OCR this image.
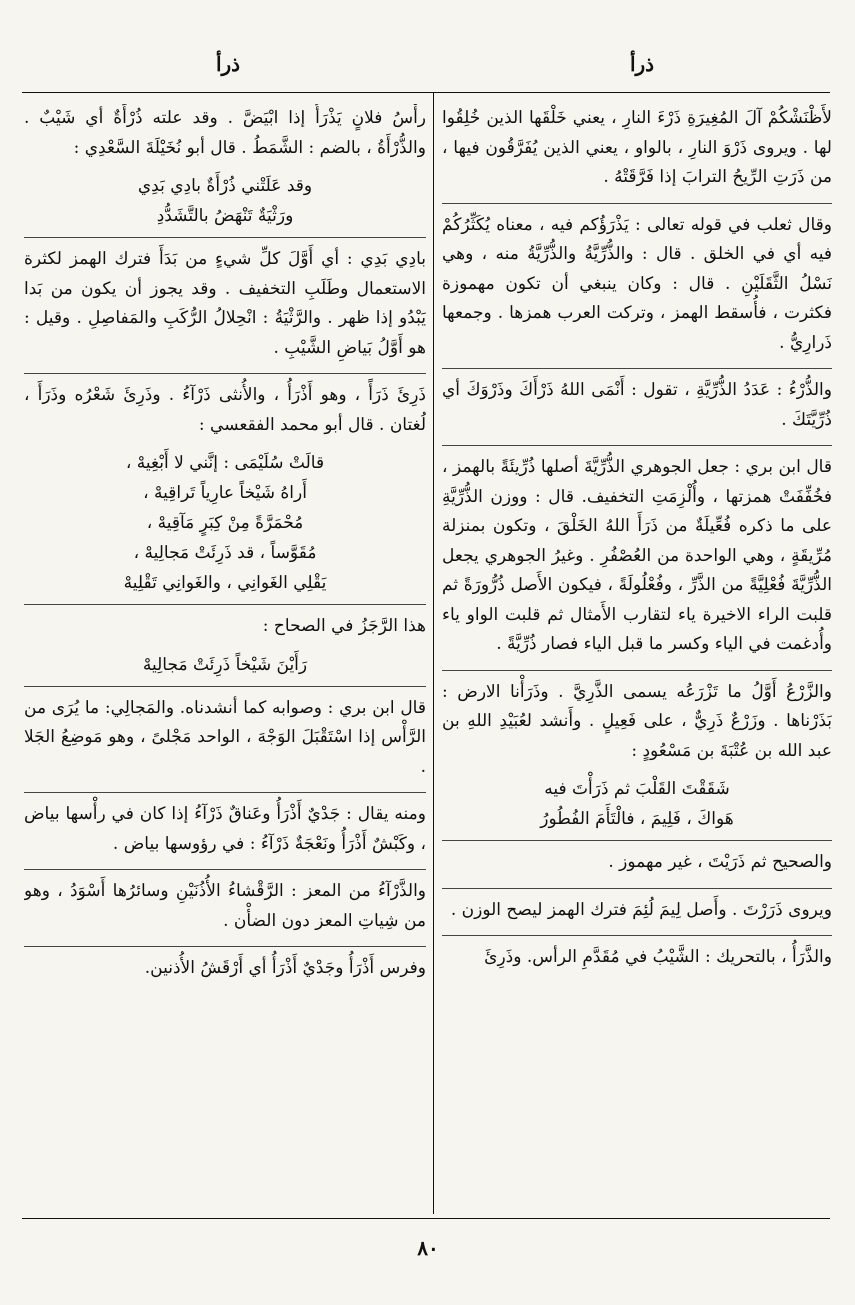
ذرأ
ذرأ

لأَظْنَشْكُمْ آلَ المُغِيرَةِ ذَرْءَ النارِ ، يعني خَلْقَها الذين خُلِقُوا لها . ويروى ذَرْوَ النارِ ، بالواو ، يعني الذين يُفَرَّقُون فيها ، من ذَرَتِ الرِّيحُ الترابَ إذا فَرَّقَتْهُ .

وقال ثعلب في قوله تعالى : يَذْرَؤُكم فيه ، معناه يُكَثِّرُكُمْ فيه أي في الخلق . قال : والذُّرِّيَّةُ والذُّرِّيَّةُ منه ، وهي نَسْلُ الثَّقَلَيْنِ . قال : وكان ينبغي أن تكون مهموزة فكثرت ، فأُسقط الهمز ، وتركت العرب همزها . وجمعها ذَرارِيُّ .

والذُّرْءُ : عَدَدُ الذُّرِّيَّةِ ، تقول : أَنْمَى اللهُ ذَرْأَكَ وذَرْوَكَ أي ذُرِّيَّتَكَ .

قال ابن بري : جعل الجوهري الذُّرِّيَّةَ أصلها ذُرِّيئَةً بالهمز ، فخُفِّفَتْ همزتها ، وأُلْزِمَتِ التخفيف. قال : ووزن الذُّرِّيَّةِ على ما ذكره فُعِّيلَةٌ من ذَرَأَ اللهُ الخَلْقَ ، وتكون بمنزلة مُرِّيقَةٍ ، وهي الواحدة من العُصْفُرِ . وغيرُ الجوهري يجعل الذُّرِّيَّةَ فُعْلِيَّةً من الذَّرِّ ، وفُعْلُولَةً ، فيكون الأَصل ذُرُّورَةً ثم قلبت الراء الاخيرة ياء لتقارب الأَمثال ثم قلبت الواو ياء وأُدغمت في الياء وكسر ما قبل الياء فصار ذُرِّيَّةً .

والزَّرْعُ أَوَّلُ ما تَزْرَعُه يسمى الذَّرِيَّ . وذَرَأْنا الارض : بَذَرْناها . وزَرْعٌ ذَرِيٌّ ، على فَعِيلٍ . وأَنشد لعُبَيْدِ اللهِ بن عبد الله بن عُتْبَةَ بن مَسْعُودٍ :

شَقَقْتَ القَلْبَ ثم ذَرَأْتَ فيه
هَواكَ ، فَلِيمَ ، فالْتَأَمَ الفُطُورُ

والصحيح ثم ذَرَيْتَ ، غير مهموز .

ويروى ذَرَرْتَ . وأَصل لِيمَ لُئِمَ فترك الهمز ليصح الوزن .

والذَّرَأُ ، بالتحريك : الشَّيْبُ في مُقَدَّمِ الرأس. وذَرِئَ

رأْسُ فلانٍ يَذْرَأُ إذا ابْيَضَّ . وقد علته ذُرْأَةٌ أي شَيْبٌ . والذُّرْأَةُ ، بالضم : الشَّمَطُ . قال أبو نُخَيْلَةَ السَّعْدِي :

وقد عَلَتْني ذُرْأَةٌ بادِي بَدِي
ورَثْيَةٌ تَنْهَضُ بالتَّشَدُّدِ

بادِي بَدِي : أي أَوَّلَ كلِّ شيءٍ من بَدَأَ فترك الهمز لكثرة الاستعمال وطَلَبِ التخفيف . وقد يجوز أن يكون من بَدا يَبْدُو إذا ظهر . والرَّثْيَةُ : انْحِلالُ الرُّكَبِ والمَفاصِلِ . وقيل : هو أَوَّلُ بَياضِ الشَّيْبِ .

ذَرِئَ ذَرَأً ، وهو أَذْرَأُ ، والأُنثى ذَرْآءُ . وذَرِئَ شَعْرُه وذَرَأَ ، لُغتان . قال أبو محمد الفقعسي :

قالَتْ سُلَيْمَى : إنَّني لا أَبْغِيهْ ،
أَراهُ شَيْخاً عارِياً تَراقِيهْ ،
مُحْمَرَّةً مِنْ كِبَرٍ مَآقِيهْ ،
مُقَوَّساً ، قد ذَرِئَتْ مَجالِيهْ ،
يَقْلِي الغَوانِي ، والغَوانِي تَقْلِيهْ

هذا الرَّجَزُ في الصحاح :

رَأَيْنَ شَيْخاً ذَرِئَتْ مَجالِيهْ

قال ابن بري : وصوابه كما أنشدناه. والمَجالِي: ما يُرَى من الرَّأْس إذا اسْتَقْبَلَ الوَجْهَ ، الواحد مَجْلىً ، وهو مَوضِعُ الجَلا .

ومنه يقال : جَدْيٌ أَذْرَأُ وعَناقٌ ذَرْآءُ إذا كان في رأْسها بياض ، وكَبْشٌ أَذْرَأُ ونَعْجَةٌ ذَرْآءُ : في رؤوسها بياض .

والذَّرْآءُ من المعز : الرَّقْشاءُ الأُذُنَيْنِ وسائرُها أَسْوَدُ ، وهو من شِياتِ المعز دون الضأْن .

وفرس أَذْرَأُ وجَدْيٌ أَذْرَأُ أي أَرْقَشُ الأُذنين.

٨٠
